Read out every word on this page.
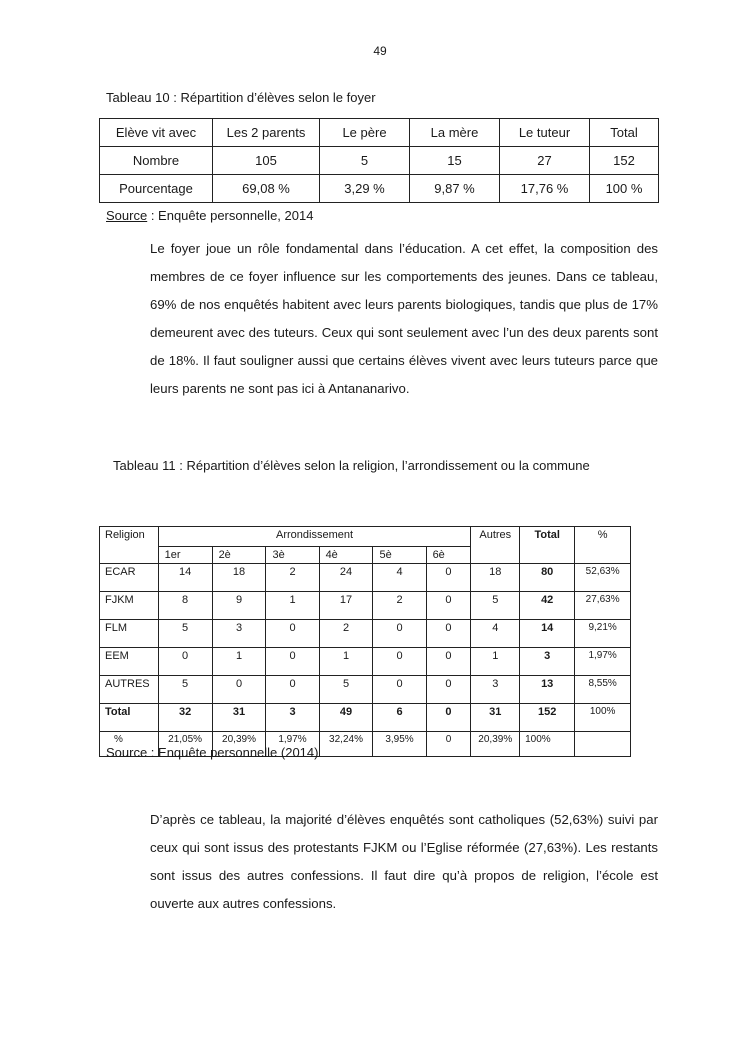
49
Tableau 10 : Répartition d’élèves selon le foyer
Elève vit avec	Les 2 parents	Le père	La mère	Le tuteur	Total
Nombre	105	5	15	27	152
Pourcentage	69,08 %	3,29 %	9,87 %	17,76 %	100 %
Source : Enquête personnelle, 2014
Le foyer joue un rôle fondamental dans l’éducation. A cet effet, la composition des membres de ce foyer influence sur les comportements des jeunes. Dans ce tableau, 69% de nos enquêtés habitent avec leurs parents biologiques, tandis que plus de 17% demeurent avec des tuteurs. Ceux qui sont seulement avec l’un des deux parents sont de 18%. Il faut souligner aussi que certains élèves vivent avec leurs tuteurs parce que leurs parents ne sont pas ici à Antananarivo.
Tableau 11 : Répartition d’élèves selon la religion, l’arrondissement ou la commune
Religion	Arrondissement						Autres	Total	%
	1er	2è	3è	4è	5è	6è			
ECAR	14	18	2	24	4	0	18	80	52,63%
FJKM	8	9	1	17	2	0	5	42	27,63%
FLM	5	3	0	2	0	0	4	14	9,21%
EEM	0	1	0	1	0	0	1	3	1,97%
AUTRES	5	0	0	5	0	0	3	13	8,55%
Total	32	31	3	49	6	0	31	152	100%
%	21,05%	20,39%	1,97%	32,24%	3,95%	0	20,39%	100%	
Source : Enquête personnelle (2014)
D’après ce tableau, la majorité d’élèves enquêtés sont catholiques (52,63%) suivi par ceux qui sont issus des protestants FJKM ou l’Eglise réformée (27,63%). Les restants sont issus des autres confessions. Il faut dire qu’à propos de religion, l’école est ouverte aux autres confessions.
